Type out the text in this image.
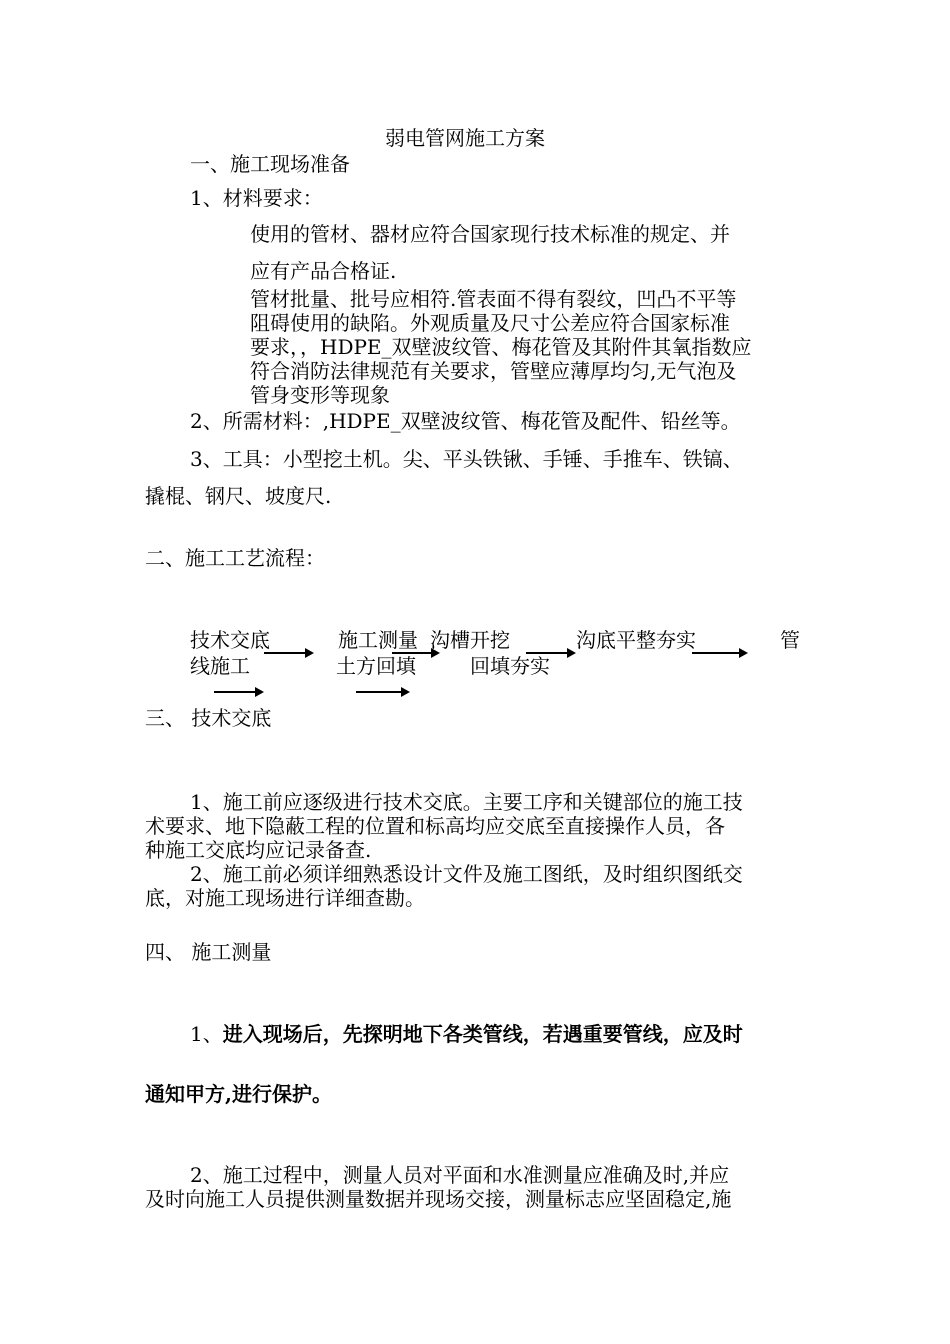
弱电管网施工方案
一、施工现场准备
1、材料要求：
使用的管材、器材应符合国家现行技术标准的规定、并
应有产品合格证.
管材批量、批号应相符.管表面不得有裂纹，凹凸不平等
阻碍使用的缺陷。外观质量及尺寸公差应符合国家标准
要求，，HDPE_双壁波纹管、梅花管及其附件其氧指数应
符合消防法律规范有关要求，管壁应薄厚均匀,无气泡及
管身变形等现象
2、所需材料：,HDPE_双壁波纹管、梅花管及配件、铅丝等。
3、工具：小型挖土机。尖、平头铁锹、手锤、手推车、铁镐、
撬棍、钢尺、坡度尺.
二、施工工艺流程：
技术交底	施工测量 沟槽开挖	沟底平整夯实	管
线施工	土方回填	回填夯实
三、 技术交底
1、施工前应逐级进行技术交底。主要工序和关键部位的施工技
术要求、地下隐蔽工程的位置和标高均应交底至直接操作人员，各
种施工交底均应记录备查.
2、施工前必须详细熟悉设计文件及施工图纸，及时组织图纸交
底，对施工现场进行详细查勘。
四、 施工测量
1、进入现场后，先探明地下各类管线，若遇重要管线，应及时
通知甲方,进行保护。
2、施工过程中，测量人员对平面和水准测量应准确及时,并应
及时向施工人员提供测量数据并现场交接，测量标志应坚固稳定,施
